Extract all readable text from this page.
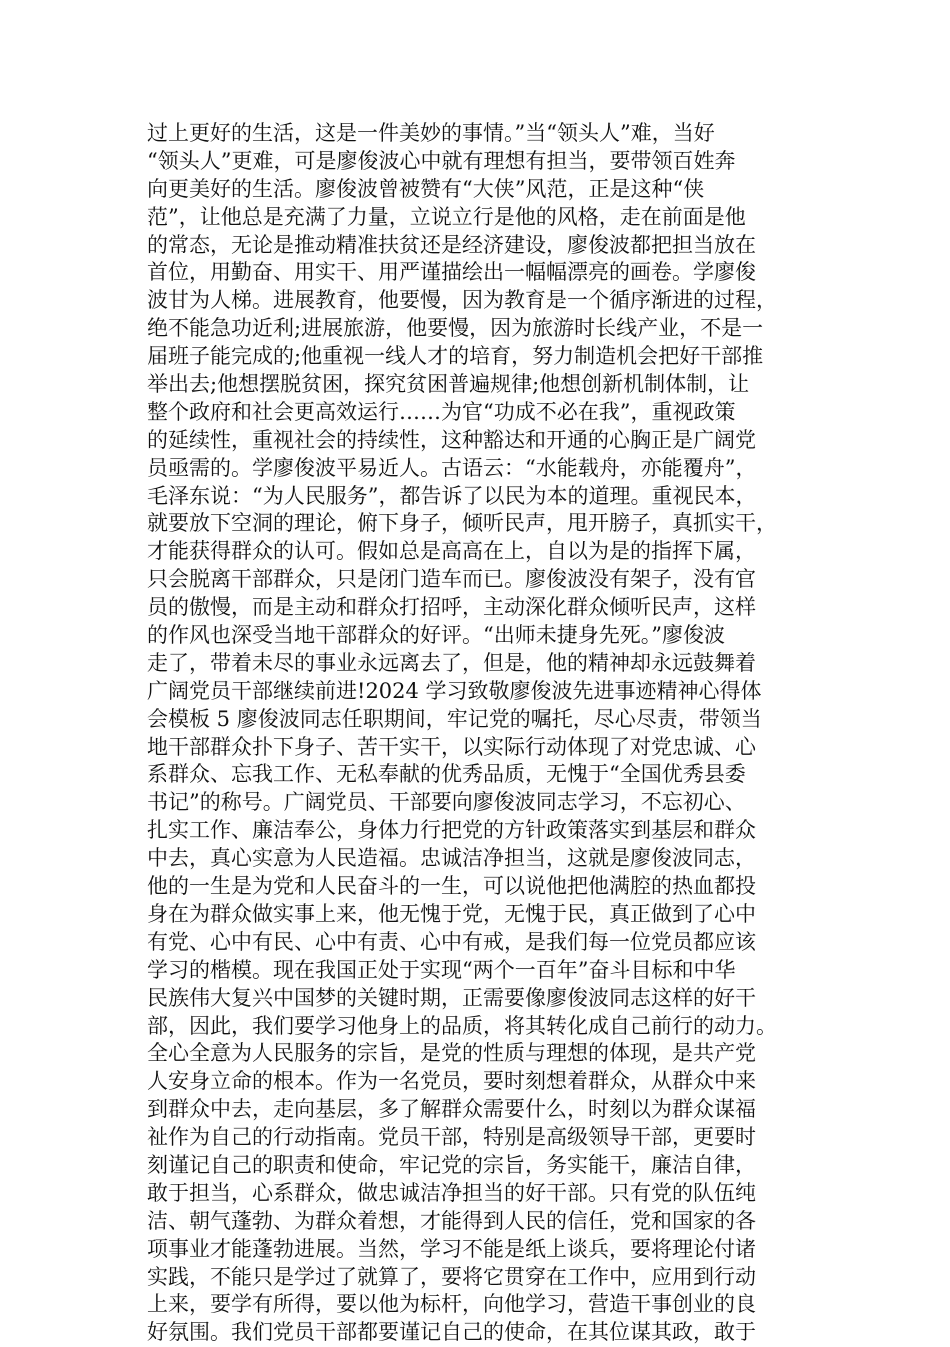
过上更好的生活，这是一件美妙的事情。”当“领头人”难，当好
“领头人”更难，可是廖俊波心中就有理想有担当，要带领百姓奔
向更美好的生活。廖俊波曾被赞有“大侠”风范，正是这种“侠
范”，让他总是充满了力量，立说立行是他的风格，走在前面是他
的常态，无论是推动精准扶贫还是经济建设，廖俊波都把担当放在
首位，用勤奋、用实干、用严谨描绘出一幅幅漂亮的画卷。学廖俊
波甘为人梯。进展教育，他要慢，因为教育是一个循序渐进的过程，
绝不能急功近利;进展旅游，他要慢，因为旅游时长线产业，不是一
届班子能完成的;他重视一线人才的培育，努力制造机会把好干部推
举出去;他想摆脱贫困，探究贫困普遍规律;他想创新机制体制，让
整个政府和社会更高效运行……为官“功成不必在我”，重视政策
的延续性，重视社会的持续性，这种豁达和开通的心胸正是广阔党
员亟需的。学廖俊波平易近人。古语云：“水能载舟，亦能覆舟”，
毛泽东说：“为人民服务”，都告诉了以民为本的道理。重视民本，
就要放下空洞的理论，俯下身子，倾听民声，甩开膀子，真抓实干，
才能获得群众的认可。假如总是高高在上，自以为是的指挥下属，
只会脱离干部群众，只是闭门造车而已。廖俊波没有架子，没有官
员的傲慢，而是主动和群众打招呼，主动深化群众倾听民声，这样
的作风也深受当地干部群众的好评。“出师未捷身先死。”廖俊波
走了，带着未尽的事业永远离去了，但是，他的精神却永远鼓舞着
广阔党员干部继续前进!2024 学习致敬廖俊波先进事迹精神心得体
会模板 5 廖俊波同志任职期间，牢记党的嘱托，尽心尽责，带领当
地干部群众扑下身子、苦干实干，以实际行动体现了对党忠诚、心
系群众、忘我工作、无私奉献的优秀品质，无愧于“全国优秀县委
书记”的称号。广阔党员、干部要向廖俊波同志学习，不忘初心、
扎实工作、廉洁奉公，身体力行把党的方针政策落实到基层和群众
中去，真心实意为人民造福。忠诚洁净担当，这就是廖俊波同志，
他的一生是为党和人民奋斗的一生，可以说他把他满腔的热血都投
身在为群众做实事上来，他无愧于党，无愧于民，真正做到了心中
有党、心中有民、心中有责、心中有戒，是我们每一位党员都应该
学习的楷模。现在我国正处于实现“两个一百年”奋斗目标和中华
民族伟大复兴中国梦的关键时期，正需要像廖俊波同志这样的好干
部，因此，我们要学习他身上的品质，将其转化成自己前行的动力。
全心全意为人民服务的宗旨，是党的性质与理想的体现，是共产党
人安身立命的根本。作为一名党员，要时刻想着群众，从群众中来
到群众中去，走向基层，多了解群众需要什么，时刻以为群众谋福
祉作为自己的行动指南。党员干部，特别是高级领导干部，更要时
刻谨记自己的职责和使命，牢记党的宗旨，务实能干，廉洁自律，
敢于担当，心系群众，做忠诚洁净担当的好干部。只有党的队伍纯
洁、朝气蓬勃、为群众着想，才能得到人民的信任，党和国家的各
项事业才能蓬勃进展。当然，学习不能是纸上谈兵，要将理论付诸
实践，不能只是学过了就算了，要将它贯穿在工作中，应用到行动
上来，要学有所得，要以他为标杆，向他学习，营造干事创业的良
好氛围。我们党员干部都要谨记自己的使命，在其位谋其政，敢于
